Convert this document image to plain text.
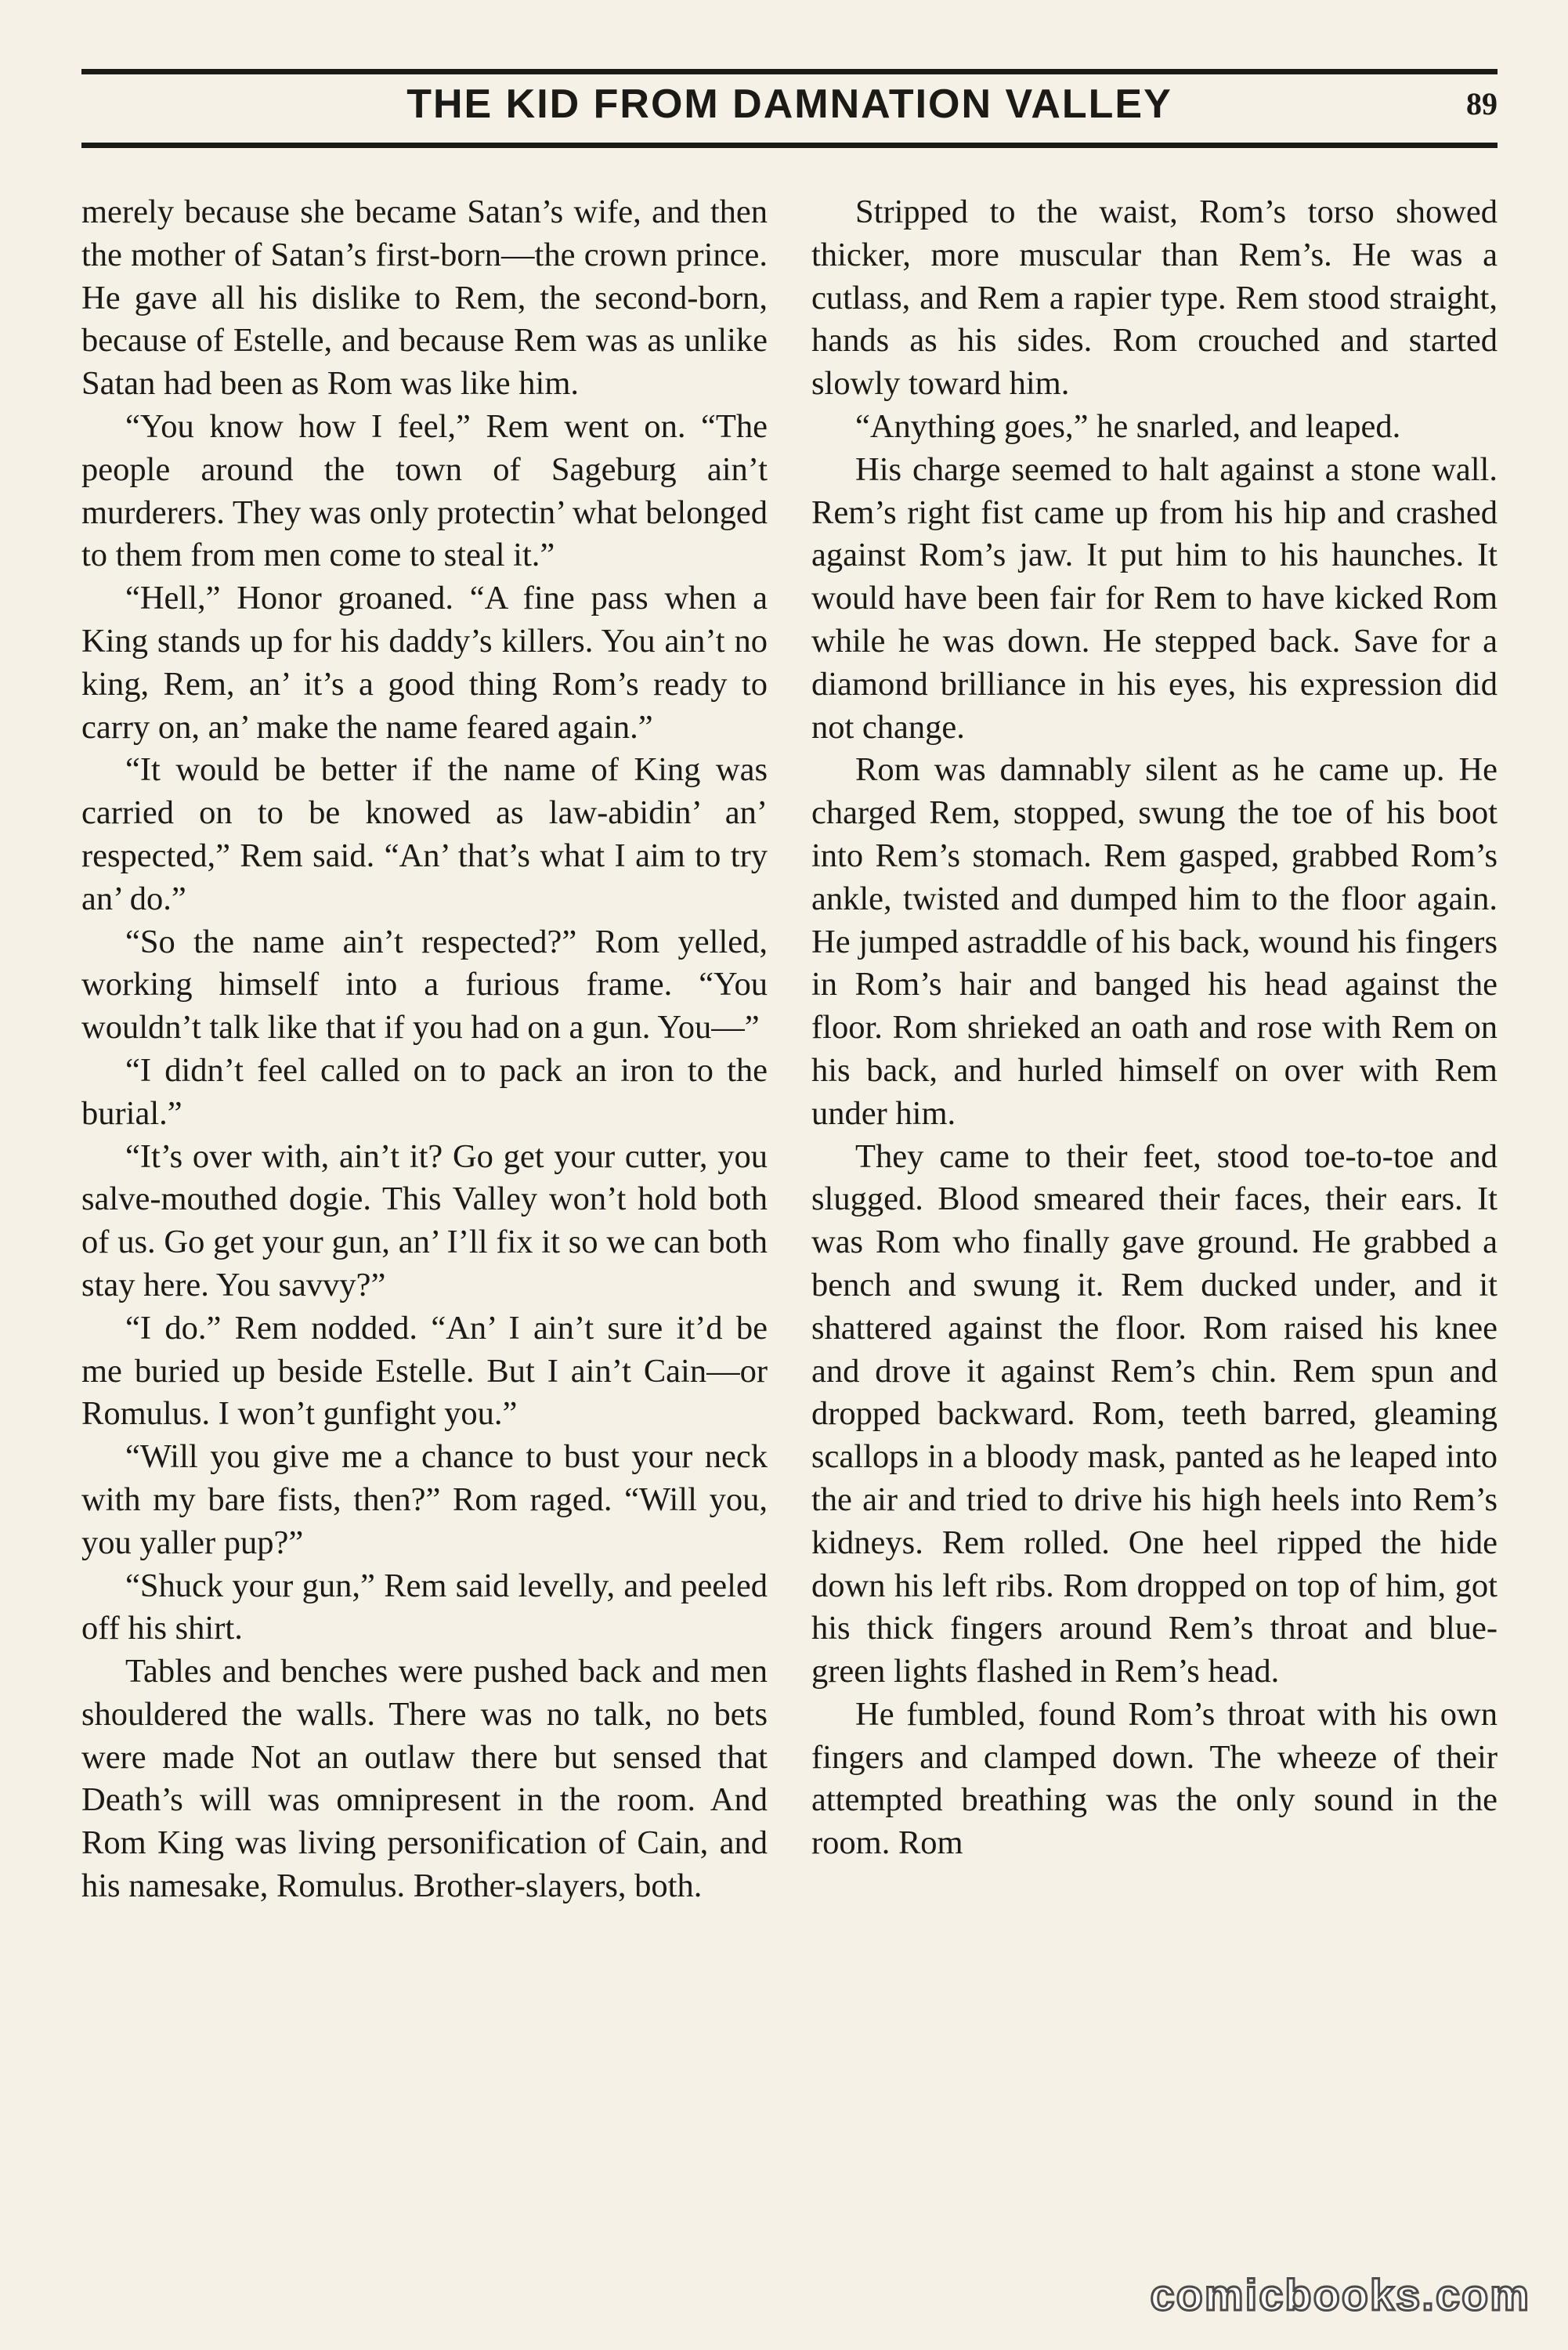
THE KID FROM DAMNATION VALLEY	89

merely because she became Satan’s wife, and then the mother of Satan’s first-born—the crown prince. He gave all his dislike to Rem, the second-born, because of Estelle, and because Rem was as unlike Satan had been as Rom was like him.

“You know how I feel,” Rem went on. “The people around the town of Sageburg ain’t murderers. They was only protectin’ what belonged to them from men come to steal it.”

“Hell,” Honor groaned. “A fine pass when a King stands up for his daddy’s killers. You ain’t no king, Rem, an’ it’s a good thing Rom’s ready to carry on, an’ make the name feared again.”

“It would be better if the name of King was carried on to be knowed as law-abidin’ an’ respected,” Rem said. “An’ that’s what I aim to try an’ do.”

“So the name ain’t respected?” Rom yelled, working himself into a furious frame. “You wouldn’t talk like that if you had on a gun. You—”

“I didn’t feel called on to pack an iron to the burial.”

“It’s over with, ain’t it? Go get your cutter, you salve-mouthed dogie. This Valley won’t hold both of us. Go get your gun, an’ I’ll fix it so we can both stay here. You savvy?”

“I do.” Rem nodded. “An’ I ain’t sure it’d be me buried up beside Estelle. But I ain’t Cain—or Romulus. I won’t gunfight you.”

“Will you give me a chance to bust your neck with my bare fists, then?” Rom raged. “Will you, you yaller pup?”

“Shuck your gun,” Rem said levelly, and peeled off his shirt.

Tables and benches were pushed back and men shouldered the walls. There was no talk, no bets were made Not an outlaw there but sensed that Death’s will was omnipresent in the room. And Rom King was living personification of Cain, and his namesake, Romulus. Brother-slayers, both.

Stripped to the waist, Rom’s torso showed thicker, more muscular than Rem’s. He was a cutlass, and Rem a rapier type. Rem stood straight, hands as his sides. Rom crouched and started slowly toward him.

“Anything goes,” he snarled, and leaped.

His charge seemed to halt against a stone wall. Rem’s right fist came up from his hip and crashed against Rom’s jaw. It put him to his haunches. It would have been fair for Rem to have kicked Rom while he was down. He stepped back. Save for a diamond brilliance in his eyes, his expression did not change.

Rom was damnably silent as he came up. He charged Rem, stopped, swung the toe of his boot into Rem’s stomach. Rem gasped, grabbed Rom’s ankle, twisted and dumped him to the floor again. He jumped astraddle of his back, wound his fingers in Rom’s hair and banged his head against the floor. Rom shrieked an oath and rose with Rem on his back, and hurled himself on over with Rem under him.

They came to their feet, stood toe-to-toe and slugged. Blood smeared their faces, their ears. It was Rom who finally gave ground. He grabbed a bench and swung it. Rem ducked under, and it shattered against the floor. Rom raised his knee and drove it against Rem’s chin. Rem spun and dropped backward. Rom, teeth barred, gleaming scallops in a bloody mask, panted as he leaped into the air and tried to drive his high heels into Rem’s kidneys. Rem rolled. One heel ripped the hide down his left ribs. Rom dropped on top of him, got his thick fingers around Rem’s throat and blue-green lights flashed in Rem’s head.

He fumbled, found Rom’s throat with his own fingers and clamped down. The wheeze of their attempted breathing was the only sound in the room. Rom

comicbooks.com
